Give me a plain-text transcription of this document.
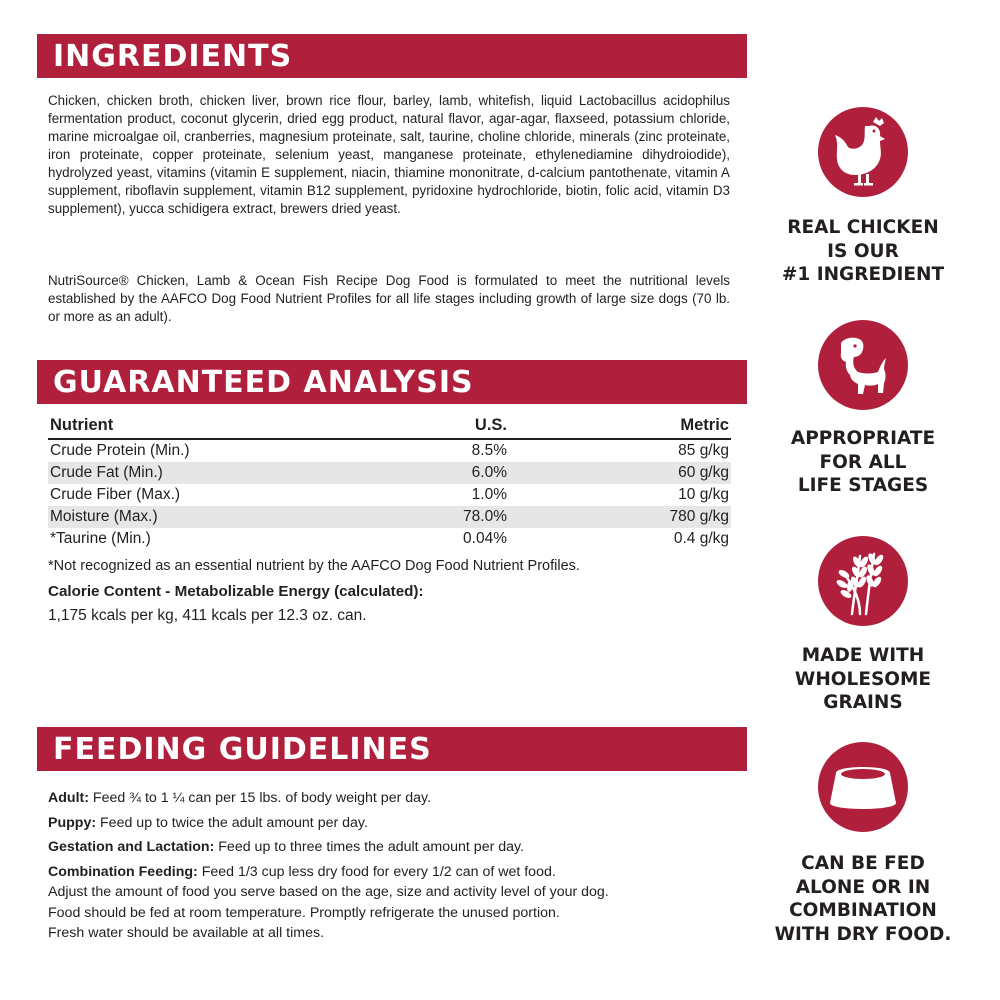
INGREDIENTS

Chicken, chicken broth, chicken liver, brown rice flour, barley, lamb, whitefish, liquid Lactobacillus acidophilus fermentation product, coconut glycerin, dried egg product, natural flavor, agar-agar, flaxseed, potassium chloride, marine microalgae oil, cranberries, magnesium proteinate, salt, taurine, choline chloride, minerals (zinc proteinate, iron proteinate, copper proteinate, selenium yeast, manganese proteinate, ethylenediamine dihydroiodide), hydrolyzed yeast, vitamins (vitamin E supplement, niacin, thiamine mononitrate, d-calcium pantothenate, vitamin A supplement, riboflavin supplement, vitamin B12 supplement, pyridoxine hydrochloride, biotin, folic acid, vitamin D3 supplement), yucca schidigera extract, brewers dried yeast.

NutriSource® Chicken, Lamb & Ocean Fish Recipe Dog Food is formulated to meet the nutritional levels established by the AAFCO Dog Food Nutrient Profiles for all life stages including growth of large size dogs (70 lb. or more as an adult).

GUARANTEED ANALYSIS
Nutrient	U.S.	Metric
Crude Protein (Min.)	8.5%	85 g/kg
Crude Fat (Min.)	6.0%	60 g/kg
Crude Fiber (Max.)	1.0%	10 g/kg
Moisture (Max.)	78.0%	780 g/kg
*Taurine (Min.)	0.04%	0.4 g/kg
*Not recognized as an essential nutrient by the AAFCO Dog Food Nutrient Profiles.
Calorie Content - Metabolizable Energy (calculated):
1,175 kcals per kg, 411 kcals per 12.3 oz. can.
FEEDING GUIDELINES
Adult: Feed ¾ to 1 ¼ can per 15 lbs. of body weight per day.
Puppy: Feed up to twice the adult amount per day.
Gestation and Lactation: Feed up to three times the adult amount per day.
Combination Feeding: Feed 1/3 cup less dry food for every 1/2 can of wet food.
Adjust the amount of food you serve based on the age, size and activity level of your dog.
Food should be fed at room temperature. Promptly refrigerate the unused portion.
Fresh water should be available at all times.
REAL CHICKEN
IS OUR
#1 INGREDIENT
APPROPRIATE
FOR ALL
LIFE STAGES
MADE WITH
WHOLESOME
GRAINS
CAN BE FED
ALONE OR IN
COMBINATION
WITH DRY FOOD.
